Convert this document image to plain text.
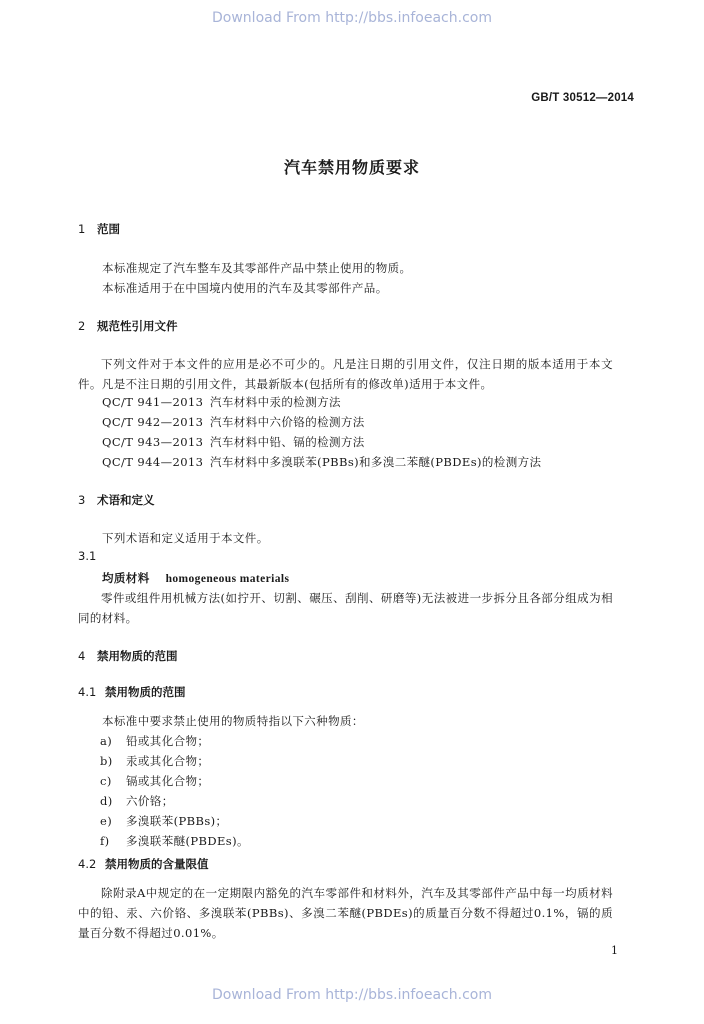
Download From http://bbs.infoeach.com
GB/T 30512—2014
汽车禁用物质要求
1 范围
本标准规定了汽车整车及其零部件产品中禁止使用的物质。
本标准适用于在中国境内使用的汽车及其零部件产品。
2 规范性引用文件
下列文件对于本文件的应用是必不可少的。凡是注日期的引用文件，仅注日期的版本适用于本文件。凡是不注日期的引用文件，其最新版本(包括所有的修改单)适用于本文件。
QC/T 941—2013 汽车材料中汞的检测方法
QC/T 942—2013 汽车材料中六价铬的检测方法
QC/T 943—2013 汽车材料中铅、镉的检测方法
QC/T 944—2013 汽车材料中多溴联苯(PBBs)和多溴二苯醚(PBDEs)的检测方法
3 术语和定义
下列术语和定义适用于本文件。
3.1
均质材料 homogeneous materials
零件或组件用机械方法(如拧开、切割、碾压、刮削、研磨等)无法被进一步拆分且各部分组成为相同的材料。
4 禁用物质的范围
4.1 禁用物质的范围
本标准中要求禁止使用的物质特指以下六种物质：
a) 铅或其化合物；
b) 汞或其化合物；
c) 镉或其化合物；
d) 六价铬；
e) 多溴联苯(PBBs)；
f) 多溴联苯醚(PBDEs)。
4.2 禁用物质的含量限值
除附录A中规定的在一定期限内豁免的汽车零部件和材料外，汽车及其零部件产品中每一均质材料中的铅、汞、六价铬、多溴联苯(PBBs)、多溴二苯醚(PBDEs)的质量百分数不得超过0.1%，镉的质量百分数不得超过0.01%。
1
Download From http://bbs.infoeach.com
